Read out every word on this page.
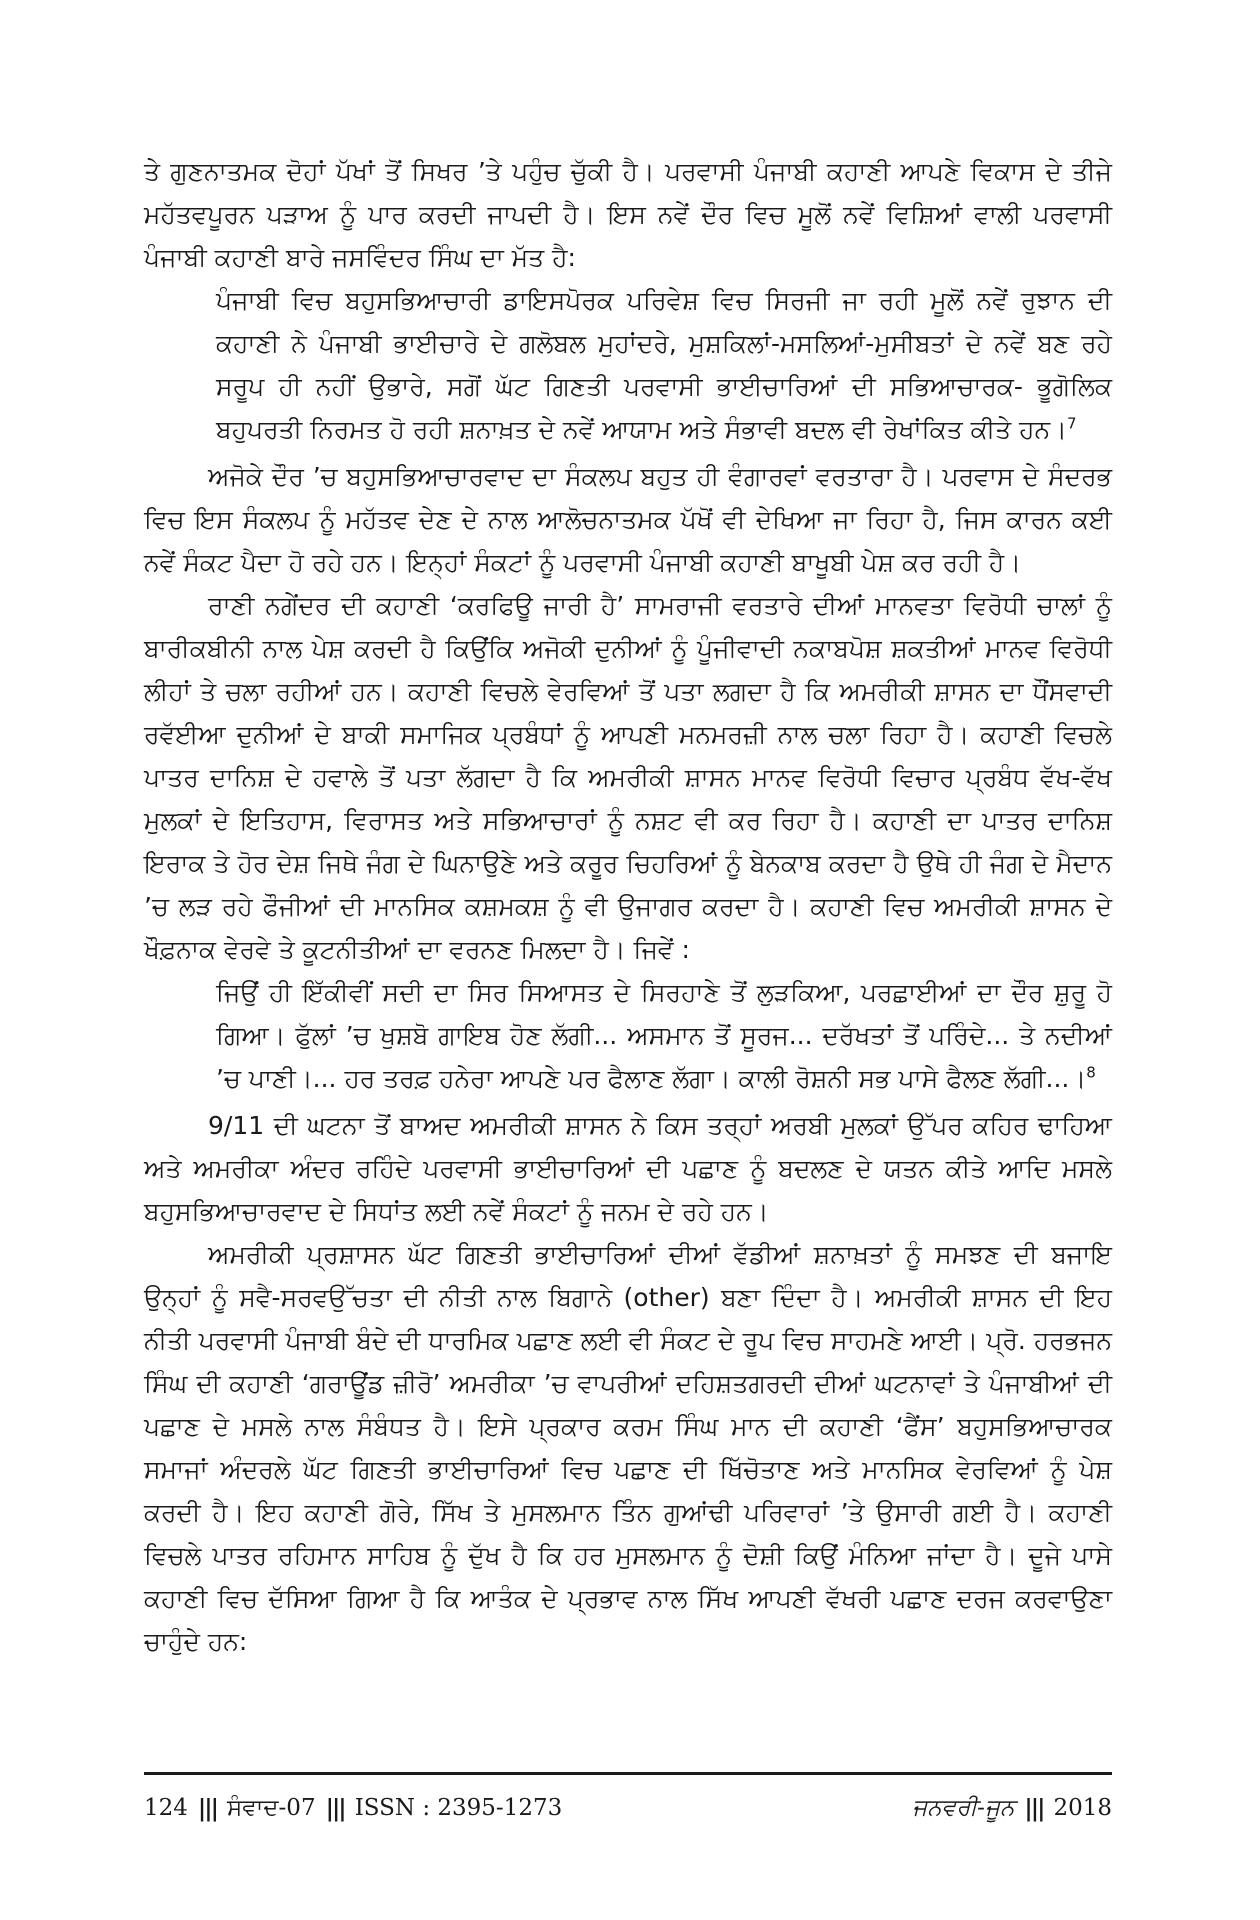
ਤੇ ਗੁਣਨਾਤਮਕ ਦੋਹਾਂ ਪੱਖਾਂ ਤੋਂ ਸਿਖਰ ’ਤੇ ਪਹੁੰਚ ਚੁੱਕੀ ਹੈ। ਪਰਵਾਸੀ ਪੰਜਾਬੀ ਕਹਾਣੀ ਆਪਣੇ ਵਿਕਾਸ ਦੇ ਤੀਜੇ ਮਹੱਤਵਪੂਰਨ ਪੜਾਅ ਨੂੰ ਪਾਰ ਕਰਦੀ ਜਾਪਦੀ ਹੈ। ਇਸ ਨਵੇਂ ਦੌਰ ਵਿਚ ਮੂਲੋਂ ਨਵੇਂ ਵਿਸ਼ਿਆਂ ਵਾਲੀ ਪਰਵਾਸੀ ਪੰਜਾਬੀ ਕਹਾਣੀ ਬਾਰੇ ਜਸਵਿੰਦਰ ਸਿੰਘ ਦਾ ਮੱਤ ਹੈ:

ਪੰਜਾਬੀ ਵਿਚ ਬਹੁਸਭਿਆਚਾਰੀ ਡਾਇਸਪੋਰਕ ਪਰਿਵੇਸ਼ ਵਿਚ ਸਿਰਜੀ ਜਾ ਰਹੀ ਮੂਲੋਂ ਨਵੇਂ ਰੁਝਾਨ ਦੀ ਕਹਾਣੀ ਨੇ ਪੰਜਾਬੀ ਭਾਈਚਾਰੇ ਦੇ ਗਲੋਬਲ ਮੁਹਾਂਦਰੇ, ਮੁਸ਼ਕਿਲਾਂ-ਮਸਲਿਆਂ-ਮੁਸੀਬਤਾਂ ਦੇ ਨਵੇਂ ਬਣ ਰਹੇ ਸਰੂਪ ਹੀ ਨਹੀਂ ਉਭਾਰੇ, ਸਗੋਂ ਘੱਟ ਗਿਣਤੀ ਪਰਵਾਸੀ ਭਾਈਚਾਰਿਆਂ ਦੀ ਸਭਿਆਚਾਰਕ- ਭੂਗੋਲਿਕ ਬਹੁਪਰਤੀ ਨਿਰਮਤ ਹੋ ਰਹੀ ਸ਼ਨਾਖ਼ਤ ਦੇ ਨਵੇਂ ਆਯਾਮ ਅਤੇ ਸੰਭਾਵੀ ਬਦਲ ਵੀ ਰੇਖਾਂਕਿਤ ਕੀਤੇ ਹਨ।$^7$

ਅਜੋਕੇ ਦੌਰ ’ਚ ਬਹੁਸਭਿਆਚਾਰਵਾਦ ਦਾ ਸੰਕਲਪ ਬਹੁਤ ਹੀ ਵੰਗਾਰਵਾਂ ਵਰਤਾਰਾ ਹੈ। ਪਰਵਾਸ ਦੇ ਸੰਦਰਭ ਵਿਚ ਇਸ ਸੰਕਲਪ ਨੂੰ ਮਹੱਤਵ ਦੇਣ ਦੇ ਨਾਲ ਆਲੋਚਨਾਤਮਕ ਪੱਖੋਂ ਵੀ ਦੇਖਿਆ ਜਾ ਰਿਹਾ ਹੈ, ਜਿਸ ਕਾਰਨ ਕਈ ਨਵੇਂ ਸੰਕਟ ਪੈਦਾ ਹੋ ਰਹੇ ਹਨ। ਇਨ੍ਹਾਂ ਸੰਕਟਾਂ ਨੂੰ ਪਰਵਾਸੀ ਪੰਜਾਬੀ ਕਹਾਣੀ ਬਾਖੂਬੀ ਪੇਸ਼ ਕਰ ਰਹੀ ਹੈ।

ਰਾਣੀ ਨਗੇਂਦਰ ਦੀ ਕਹਾਣੀ ‘ਕਰਫਿਊ ਜਾਰੀ ਹੈ’ ਸਾਮਰਾਜੀ ਵਰਤਾਰੇ ਦੀਆਂ ਮਾਨਵਤਾ ਵਿਰੋਧੀ ਚਾਲਾਂ ਨੂੰ ਬਾਰੀਕਬੀਨੀ ਨਾਲ ਪੇਸ਼ ਕਰਦੀ ਹੈ ਕਿਉਂਕਿ ਅਜੋਕੀ ਦੁਨੀਆਂ ਨੂੰ ਪੂੰਜੀਵਾਦੀ ਨਕਾਬਪੋਸ਼ ਸ਼ਕਤੀਆਂ ਮਾਨਵ ਵਿਰੋਧੀ ਲੀਹਾਂ ਤੇ ਚਲਾ ਰਹੀਆਂ ਹਨ। ਕਹਾਣੀ ਵਿਚਲੇ ਵੇਰਵਿਆਂ ਤੋਂ ਪਤਾ ਲਗਦਾ ਹੈ ਕਿ ਅਮਰੀਕੀ ਸ਼ਾਸਨ ਦਾ ਧੌਂਸਵਾਦੀ ਰਵੱਈਆ ਦੁਨੀਆਂ ਦੇ ਬਾਕੀ ਸਮਾਜਿਕ ਪ੍ਰਬੰਧਾਂ ਨੂੰ ਆਪਣੀ ਮਨਮਰਜ਼ੀ ਨਾਲ ਚਲਾ ਰਿਹਾ ਹੈ। ਕਹਾਣੀ ਵਿਚਲੇ ਪਾਤਰ ਦਾਨਿਸ਼ ਦੇ ਹਵਾਲੇ ਤੋਂ ਪਤਾ ਲੱਗਦਾ ਹੈ ਕਿ ਅਮਰੀਕੀ ਸ਼ਾਸਨ ਮਾਨਵ ਵਿਰੋਧੀ ਵਿਚਾਰ ਪ੍ਰਬੰਧ ਵੱਖ-ਵੱਖ ਮੁਲਕਾਂ ਦੇ ਇਤਿਹਾਸ, ਵਿਰਾਸਤ ਅਤੇ ਸਭਿਆਚਾਰਾਂ ਨੂੰ ਨਸ਼ਟ ਵੀ ਕਰ ਰਿਹਾ ਹੈ। ਕਹਾਣੀ ਦਾ ਪਾਤਰ ਦਾਨਿਸ਼ ਇਰਾਕ ਤੇ ਹੋਰ ਦੇਸ਼ ਜਿਥੇ ਜੰਗ ਦੇ ਘਿਨਾਉਣੇ ਅਤੇ ਕਰੂਰ ਚਿਹਰਿਆਂ ਨੂੰ ਬੇਨਕਾਬ ਕਰਦਾ ਹੈ ਉਥੇ ਹੀ ਜੰਗ ਦੇ ਮੈਦਾਨ ’ਚ ਲੜ ਰਹੇ ਫੌਜੀਆਂ ਦੀ ਮਾਨਸਿਕ ਕਸ਼ਮਕਸ਼ ਨੂੰ ਵੀ ਉਜਾਗਰ ਕਰਦਾ ਹੈ। ਕਹਾਣੀ ਵਿਚ ਅਮਰੀਕੀ ਸ਼ਾਸਨ ਦੇ ਖੌਫ਼ਨਾਕ ਵੇਰਵੇ ਤੇ ਕੂਟਨੀਤੀਆਂ ਦਾ ਵਰਨਣ ਮਿਲਦਾ ਹੈ। ਜਿਵੇਂ :

ਜਿਉਂ ਹੀ ਇੱਕੀਵੀਂ ਸਦੀ ਦਾ ਸਿਰ ਸਿਆਸਤ ਦੇ ਸਿਰਹਾਣੇ ਤੋਂ ਲੁੜਕਿਆ, ਪਰਛਾਈਆਂ ਦਾ ਦੌਰ ਸ਼ੁਰੂ ਹੋ ਗਿਆ। ਫੁੱਲਾਂ ’ਚ ਖੁਸ਼ਬੋ ਗਾਇਬ ਹੋਣ ਲੱਗੀ... ਅਸਮਾਨ ਤੋਂ ਸੂਰਜ... ਦਰੱਖਤਾਂ ਤੋਂ ਪਰਿੰਦੇ... ਤੇ ਨਦੀਆਂ ’ਚ ਪਾਣੀ।... ਹਰ ਤਰਫ਼ ਹਨੇਰਾ ਆਪਣੇ ਪਰ ਫੈਲਾਣ ਲੱਗਾ। ਕਾਲੀ ਰੋਸ਼ਨੀ ਸਭ ਪਾਸੇ ਫੈਲਣ ਲੱਗੀ...।$^8$

9/11 ਦੀ ਘਟਨਾ ਤੋਂ ਬਾਅਦ ਅਮਰੀਕੀ ਸ਼ਾਸਨ ਨੇ ਕਿਸ ਤਰ੍ਹਾਂ ਅਰਬੀ ਮੁਲਕਾਂ ਉੱਪਰ ਕਹਿਰ ਢਾਹਿਆ ਅਤੇ ਅਮਰੀਕਾ ਅੰਦਰ ਰਹਿੰਦੇ ਪਰਵਾਸੀ ਭਾਈਚਾਰਿਆਂ ਦੀ ਪਛਾਣ ਨੂੰ ਬਦਲਣ ਦੇ ਯਤਨ ਕੀਤੇ ਆਦਿ ਮਸਲੇ ਬਹੁਸਭਿਆਚਾਰਵਾਦ ਦੇ ਸਿਧਾਂਤ ਲਈ ਨਵੇਂ ਸੰਕਟਾਂ ਨੂੰ ਜਨਮ ਦੇ ਰਹੇ ਹਨ।

ਅਮਰੀਕੀ ਪ੍ਰਸ਼ਾਸਨ ਘੱਟ ਗਿਣਤੀ ਭਾਈਚਾਰਿਆਂ ਦੀਆਂ ਵੱਡੀਆਂ ਸ਼ਨਾਖ਼ਤਾਂ ਨੂੰ ਸਮਝਣ ਦੀ ਬਜਾਇ ਉਨ੍ਹਾਂ ਨੂੰ ਸਵੈ-ਸਰਵਉੱਚਤਾ ਦੀ ਨੀਤੀ ਨਾਲ ਬਿਗਾਨੇ (other) ਬਣਾ ਦਿੰਦਾ ਹੈ। ਅਮਰੀਕੀ ਸ਼ਾਸਨ ਦੀ ਇਹ ਨੀਤੀ ਪਰਵਾਸੀ ਪੰਜਾਬੀ ਬੰਦੇ ਦੀ ਧਾਰਮਿਕ ਪਛਾਣ ਲਈ ਵੀ ਸੰਕਟ ਦੇ ਰੂਪ ਵਿਚ ਸਾਹਮਣੇ ਆਈ। ਪ੍ਰੋ. ਹਰਭਜਨ ਸਿੰਘ ਦੀ ਕਹਾਣੀ ‘ਗਰਾਊਂਡ ਜ਼ੀਰੋ’ ਅਮਰੀਕਾ ’ਚ ਵਾਪਰੀਆਂ ਦਹਿਸ਼ਤਗਰਦੀ ਦੀਆਂ ਘਟਨਾਵਾਂ ਤੇ ਪੰਜਾਬੀਆਂ ਦੀ ਪਛਾਣ ਦੇ ਮਸਲੇ ਨਾਲ ਸੰਬੰਧਤ ਹੈ। ਇਸੇ ਪ੍ਰਕਾਰ ਕਰਮ ਸਿੰਘ ਮਾਨ ਦੀ ਕਹਾਣੀ ‘ਫੈਂਸ’ ਬਹੁਸਭਿਆਚਾਰਕ ਸਮਾਜਾਂ ਅੰਦਰਲੇ ਘੱਟ ਗਿਣਤੀ ਭਾਈਚਾਰਿਆਂ ਵਿਚ ਪਛਾਣ ਦੀ ਖਿੱਚੋਤਾਣ ਅਤੇ ਮਾਨਸਿਕ ਵੇਰਵਿਆਂ ਨੂੰ ਪੇਸ਼ ਕਰਦੀ ਹੈ। ਇਹ ਕਹਾਣੀ ਗੋਰੇ, ਸਿੱਖ ਤੇ ਮੁਸਲਮਾਨ ਤਿੰਨ ਗੁਆਂਢੀ ਪਰਿਵਾਰਾਂ ’ਤੇ ਉਸਾਰੀ ਗਈ ਹੈ। ਕਹਾਣੀ ਵਿਚਲੇ ਪਾਤਰ ਰਹਿਮਾਨ ਸਾਹਿਬ ਨੂੰ ਦੁੱਖ ਹੈ ਕਿ ਹਰ ਮੁਸਲਮਾਨ ਨੂੰ ਦੋਸ਼ੀ ਕਿਉਂ ਮੰਨਿਆ ਜਾਂਦਾ ਹੈ। ਦੂਜੇ ਪਾਸੇ ਕਹਾਣੀ ਵਿਚ ਦੱਸਿਆ ਗਿਆ ਹੈ ਕਿ ਆਤੰਕ ਦੇ ਪ੍ਰਭਾਵ ਨਾਲ ਸਿੱਖ ਆਪਣੀ ਵੱਖਰੀ ਪਛਾਣ ਦਰਜ ਕਰਵਾਉਣਾ ਚਾਹੁੰਦੇ ਹਨ:

124 ||| ਸੰਵਾਦ-07 ||| ISSN : 2395-1273	ਜਨਵਰੀ-ਜੂਨ ||| 2018
